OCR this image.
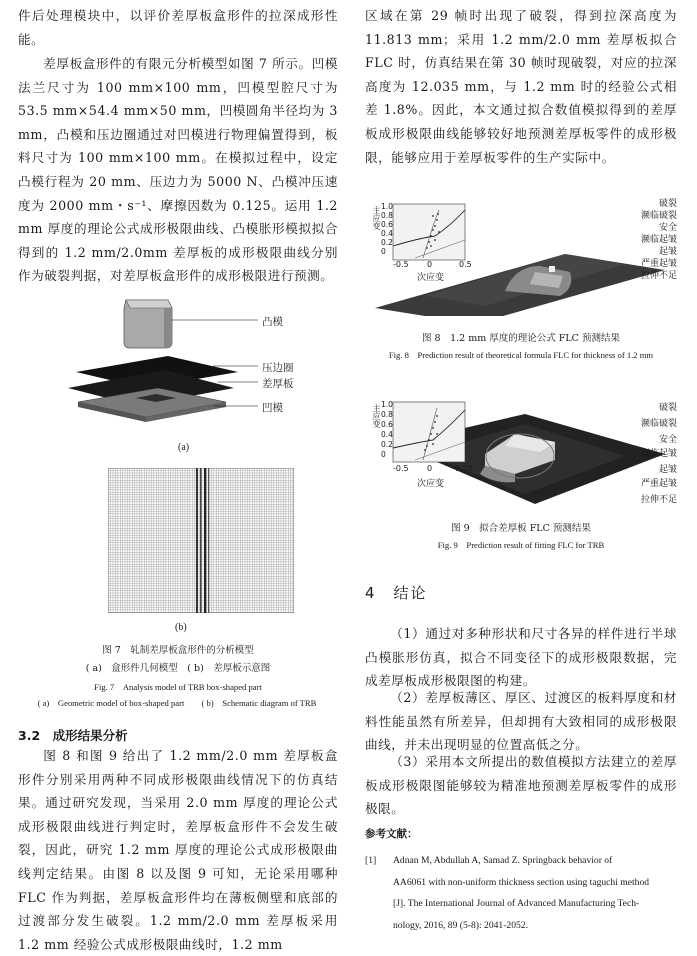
件后处理模块中，以评价差厚板盒形件的拉深成形性能。

差厚板盒形件的有限元分析模型如图 7 所示。凹模法兰尺寸为 100 mm×100 mm，凹模型腔尺寸为 53.5 mm×54.4 mm×50 mm，凹模圆角半径均为 3 mm，凸模和压边圈通过对凹模进行物理偏置得到，板料尺寸为 100 mm×100 mm。在模拟过程中，设定凸模行程为 20 mm、压边力为 5000 N、凸模冲压速度为 2000 mm・s⁻¹、摩擦因数为 0.125。运用 1.2 mm 厚度的理论公式成形极限曲线、凸模胀形模拟拟合得到的 1.2 mm/2.0mm 差厚板的成形极限曲线分别作为破裂判据，对差厚板盒形件的成形极限进行预测。

凸模
压边圈
差厚板
凹模
(a)
(b)
图 7　轧制差厚板盒形件的分析模型
( a)　盒形件几何模型　( b)　差厚板示意图
Fig. 7　Analysis model of TRB box-shaped part
( a)　Geometric model of box-shaped part　　( b)　Schematic diagram of TRB
3.2　成形结果分析

图 8 和图 9 给出了 1.2 mm/2.0 mm 差厚板盒形件分别采用两种不同成形极限曲线情况下的仿真结果。通过研究发现，当采用 2.0 mm 厚度的理论公式成形极限曲线进行判定时，差厚板盒形件不会发生破裂，因此，研究 1.2 mm 厚度的理论公式成形极限曲线判定结果。由图 8 以及图 9 可知，无论采用哪种 FLC 作为判据，差厚板盒形件均在薄板侧壁和底部的过渡部分发生破裂。1.2 mm/2.0 mm 差厚板采用 1.2 mm 经验公式成形极限曲线时，1.2 mm

区域在第 29 帧时出现了破裂，得到拉深高度为 11.813 mm；采用 1.2 mm/2.0 mm 差厚板拟合 FLC 时，仿真结果在第 30 帧时现破裂，对应的拉深高度为 12.035 mm，与 1.2 mm 时的经验公式相差 1.8%。因此，本文通过拟合数值模拟得到的差厚板成形极限曲线能够较好地预测差厚板零件的成形极限，能够应用于差厚板零件的生产实际中。

主应变 1.0
0.8
0.6
0.4
0.2
0
-0.5 0	0.5
次应变
破裂
濒临破裂
安全
濒临起皱
起皱
严重起皱
拉伸不足
图 8　1.2 mm 厚度的理论公式 FLC 预测结果
Fig. 8　Prediction result of theoretical formula FLC for thickness of 1.2 mm
主应变 1.0
0.8
0.6
0.4
0.2
0
-0.5 0	0.50
次应变
破裂
濒临破裂
安全
濒临起皱
起皱
严重起皱
拉伸不足
图 9　拟合差厚板 FLC 预测结果
Fig. 9　Prediction result of fitting FLC for TRB
4　结论

（1）通过对多种形状和尺寸各异的样件进行半球凸模胀形仿真，拟合不同变径下的成形极限数据，完成差厚板成形极限图的构建。

（2）差厚板薄区、厚区、过渡区的板料厚度和材料性能虽然有所差异，但却拥有大致相同的成形极限曲线，并未出现明显的位置高低之分。

（3）采用本文所提出的数值模拟方法建立的差厚板成形极限图能够较为精准地预测差厚板零件的成形极限。

参考文献：
[1] Adnan M, Abdullah A, Samad Z. Springback behavior of

AA6061 with non-uniform thickness section using taguchi method

[J]. The International Journal of Advanced Manufacturing Tech-

nology, 2016, 89 (5-8): 2041-2052.
